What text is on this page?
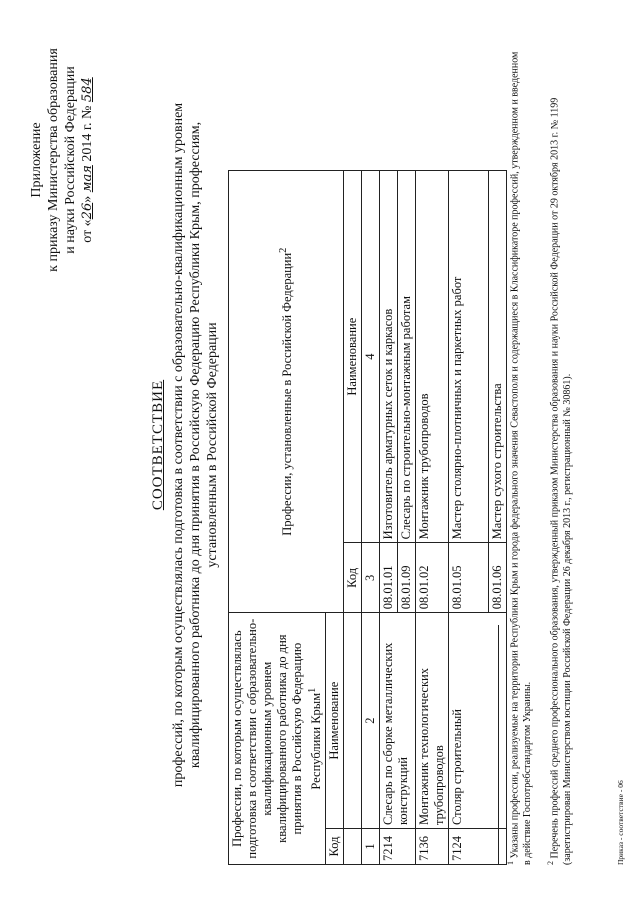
Приложение к приказу Министерства образования и науки Российской Федерации от «26» мая 2014 г. № 584
СООТВЕТСТВИЕ профессий, по которым осуществлялась подготовка в соответствии с образовательно-квалификационным уровнем квалифицированного работника до дня принятия в Российскую Федерацию Республики Крым, профессиям, установленным в Российской Федерации
Профессии, по которым осуществлялась подготовка в соответствии с образовательно-квалификационным уровнем квалифицированного работника до дня принятия в Российскую Федерацию Республики Крым$^1$		Профессии, установленные в Российской Федерации$^2$
Код	Наименование		
		Код	Наименование
1	2	3	4
7214	Слесарь по сборке металлических конструкций	08.01.01	Изготовитель арматурных сеток и каркасов
		08.01.09	Слесарь по строительно-монтажным работам
7136	Монтажник технологических трубопроводов	08.01.02	Монтажник трубопроводов
7124	Столяр строительный	08.01.05	Мастер столярно-плотничных и паркетных работ
		08.01.06	Мастер сухого строительства
$^1$ Указаны профессии, реализуемые на территории Республики Крым и города федерального значения Севастополя и содержащиеся в Классификаторе профессий, утвержденном и введенном в действие Госпотребстандартом Украины. $^2$ Перечень профессий среднего профессионального образования, утвержденный приказом Министерства образования и науки Российской Федерации от 29 октября 2013 г. № 1199 (зарегистрирован Министерством юстиции Российской Федерации 26 декабря 2013 г., регистрационный № 30861).	Приказ - соответствие - 06
